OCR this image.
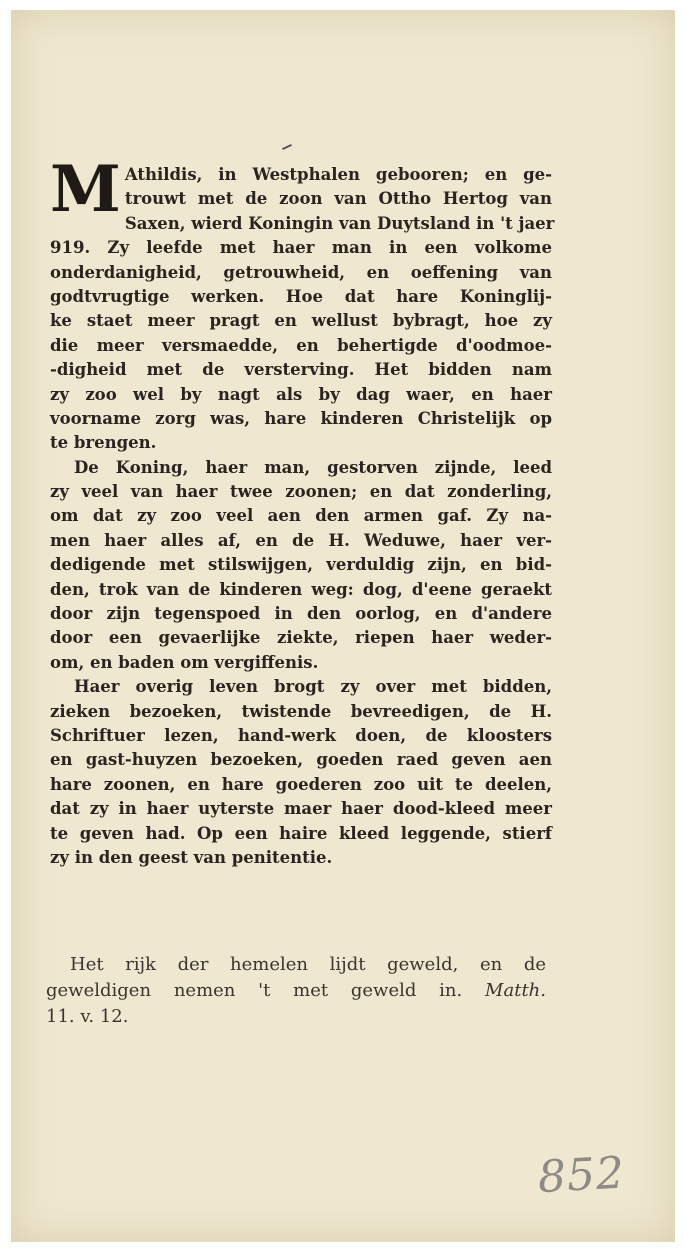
M Athildis, in Westphalen gebooren; en ge-
trouwt met de zoon van Ottho Hertog van
Saxen, wierd Koningin van Duytsland in 't jaer
919. Zy leefde met haer man in een volkome
onderdanigheid, getrouwheid, en oeffening van
godtvrugtige werken. Hoe dat hare Koninglij-
ke staet meer pragt en wellust bybragt, hoe zy
die meer versmaedde, en behertigde d'oodmoe-
-digheid met de versterving. Het bidden nam
zy zoo wel by nagt als by dag waer, en haer
voorname zorg was, hare kinderen Christelijk op
te brengen.
De Koning, haer man, gestorven zijnde, leed
zy veel van haer twee zoonen; en dat zonderling,
om dat zy zoo veel aen den armen gaf. Zy na-
men haer alles af, en de H. Weduwe, haer ver-
dedigende met stilswijgen, verduldig zijn, en bid-
den, trok van de kinderen weg: dog, d'eene geraekt
door zijn tegenspoed in den oorlog, en d'andere
door een gevaerlijke ziekte, riepen haer weder-
om, en baden om vergiffenis.
Haer overig leven brogt zy over met bidden,
zieken bezoeken, twistende bevreedigen, de H.
Schriftuer lezen, hand-werk doen, de kloosters
en gast-huyzen bezoeken, goeden raed geven aen
hare zoonen, en hare goederen zoo uit te deelen,
dat zy in haer uyterste maer haer dood-kleed meer
te geven had. Op een haire kleed leggende, stierf
zy in den geest van penitentie.
Het rijk der hemelen lijdt geweld, en de
geweldigen nemen 't met geweld in. Matth.
11. v. 12.
852
